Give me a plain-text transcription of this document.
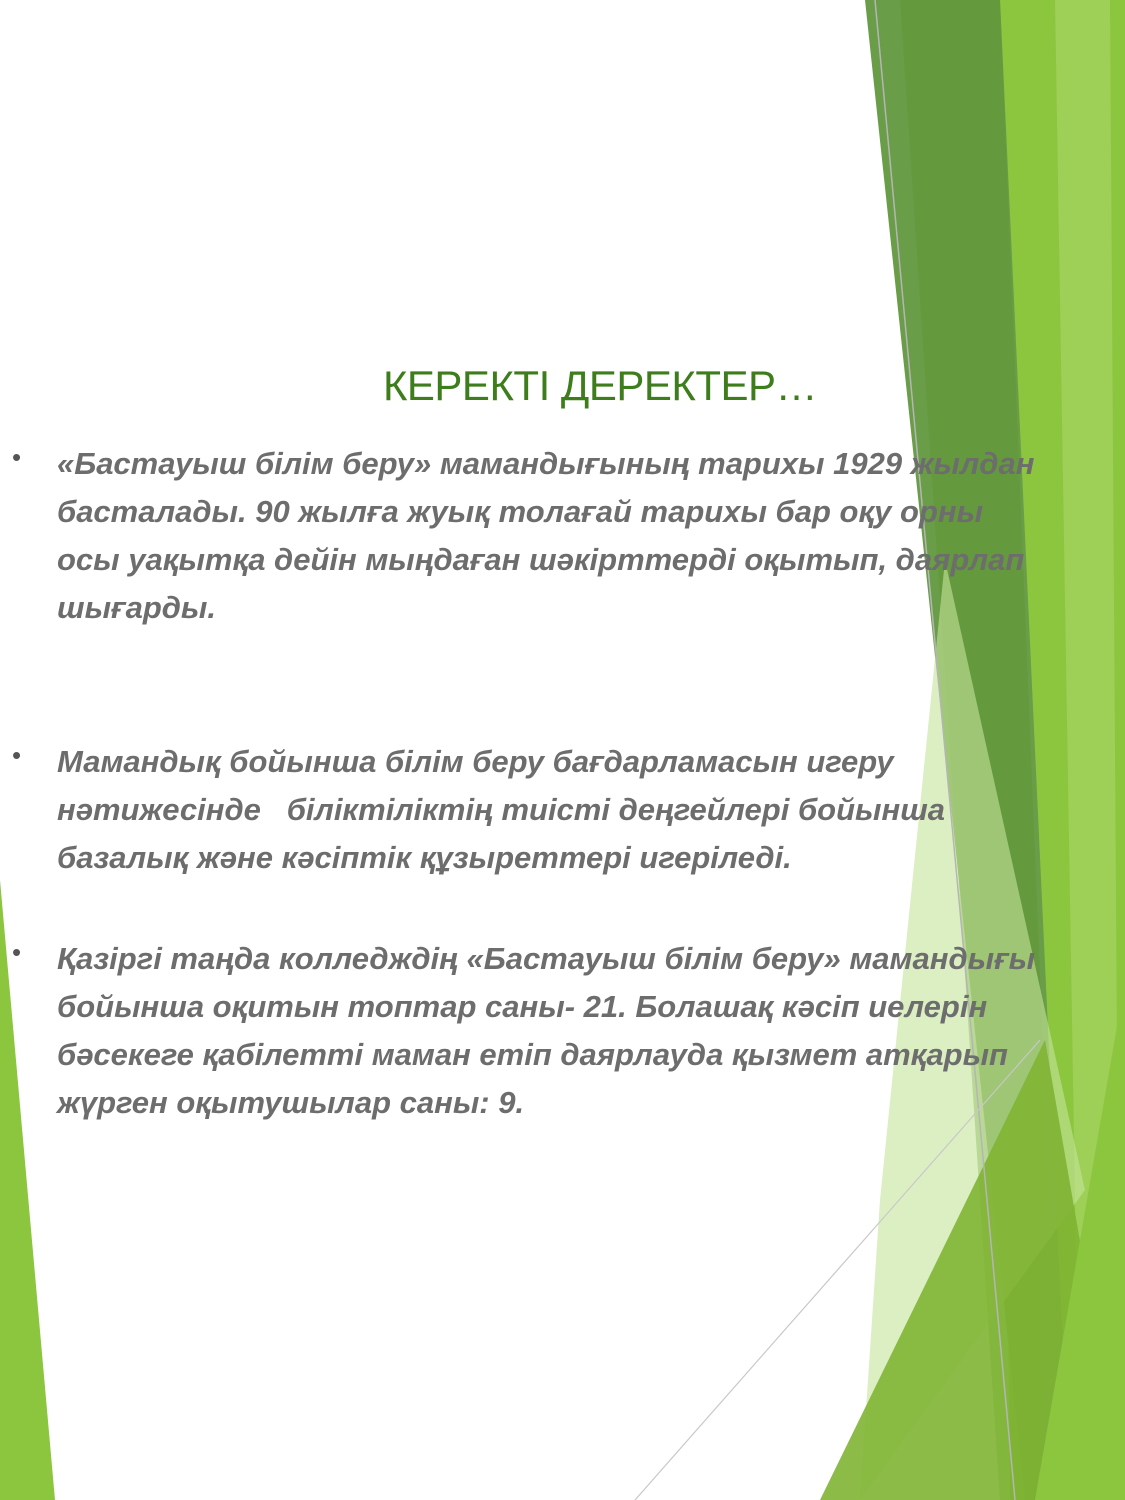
КЕРЕКТІ ДЕРЕКТЕР…
• «Бастауыш білім беру» мамандығының тарихы 1929 жылдан
басталады. 90 жылға жуық толағай тарихы бар оқу орны
осы уақытқа дейін мыңдаған шәкірттерді оқытып, даярлап
шығарды.
• Мамандық бойынша білім беру бағдарламасын игеру
нәтижесінде   біліктіліктің тиісті деңгейлері бойынша
базалық және кәсіптік құзыреттері игеріледі.
• Қазіргі таңда колледждің «Бастауыш білім беру» мамандығы
бойынша оқитын топтар саны- 21. Болашақ кәсіп иелерін
бәсекеге қабілетті маман етіп даярлауда қызмет атқарып
жүрген оқытушылар саны: 9.
